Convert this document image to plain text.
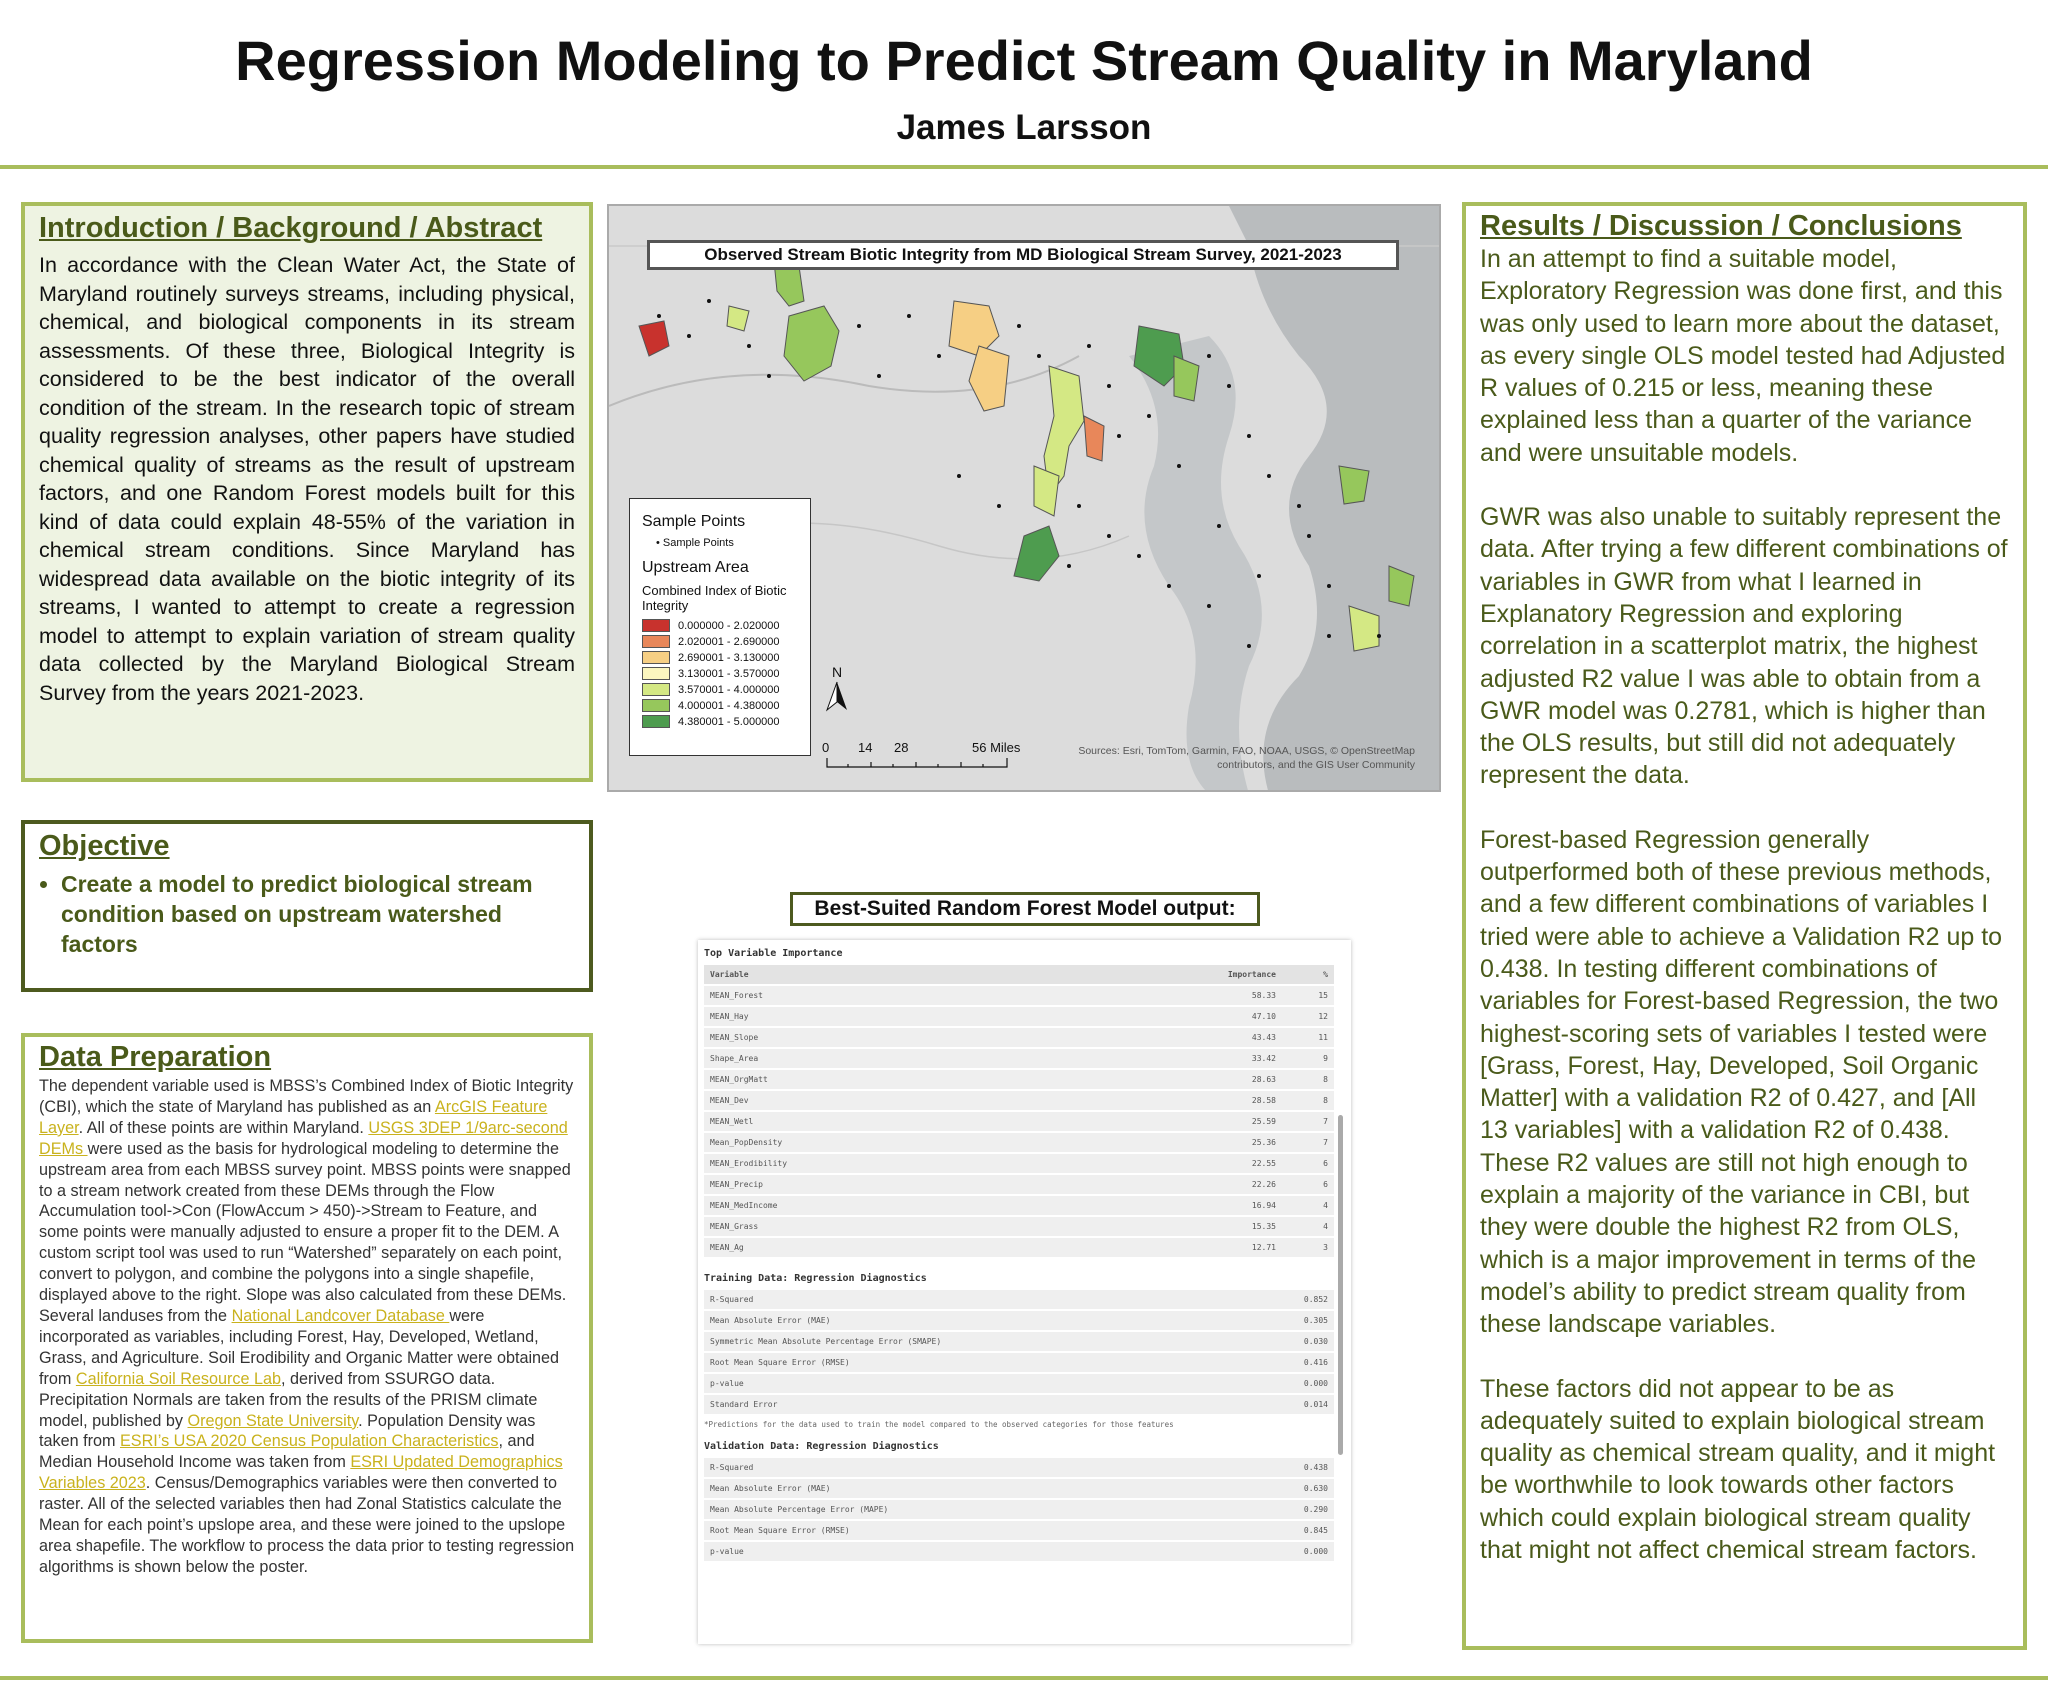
Regression Modeling to Predict Stream Quality in Maryland
James Larsson
Introduction / Background / Abstract

In accordance with the Clean Water Act, the State of Maryland routinely surveys streams, including physical, chemical, and biological components in its stream assessments. Of these three, Biological Integrity is considered to be the best indicator of the overall condition of the stream. In the research topic of stream quality regression analyses, other papers have studied chemical quality of streams as the result of upstream factors, and one Random Forest models built for this kind of data could explain 48-55% of the variation in chemical stream conditions. Since Maryland has widespread data available on the biotic integrity of its streams, I wanted to attempt to create a regression model to attempt to explain variation of stream quality data collected by the Maryland Biological Stream Survey from the years 2021-2023.

Objective
• Create a model to predict biological stream condition based on upstream watershed factors
Data Preparation
The dependent variable used is MBSS’s Combined Index of Biotic Integrity (CBI), which the state of Maryland has published as an ArcGIS Feature Layer. All of these points are within Maryland. USGS 3DEP 1/9arc-second DEMs were used as the basis for hydrological modeling to determine the upstream area from each MBSS survey point. MBSS points were snapped to a stream network created from these DEMs through the Flow Accumulation tool->Con (FlowAccum > 450)->Stream to Feature, and some points were manually adjusted to ensure a proper fit to the DEM. A custom script tool was used to run “Watershed” separately on each point, convert to polygon, and combine the polygons into a single shapefile, displayed above to the right. Slope was also calculated from these DEMs. Several landuses from the National Landcover Database were incorporated as variables, including Forest, Hay, Developed, Wetland, Grass, and Agriculture. Soil Erodibility and Organic Matter were obtained from California Soil Resource Lab, derived from SSURGO data. Precipitation Normals are taken from the results of the PRISM climate model, published by Oregon State University. Population Density was taken from ESRI’s USA 2020 Census Population Characteristics, and Median Household Income was taken from ESRI Updated Demographics Variables 2023. Census/Demographics variables were then converted to raster. All of the selected variables then had Zonal Statistics calculate the Mean for each point’s upslope area, and these were joined to the upslope area shapefile. The workflow to process the data prior to testing regression algorithms is shown below the poster.
Observed Stream Biotic Integrity from MD Biological Stream Survey, 2021-2023
Sample Points
• Sample Points
Upstream Area
Combined Index of Biotic Integrity
0.000000 - 2.020000
2.020001 - 2.690000
2.690001 - 3.130000
3.130001 - 3.570000
3.570001 - 4.000000
4.000001 - 4.380000
4.380001 - 5.000000
N
0 14 28	56 Miles	Sources: Esri, TomTom, Garmin, FAO, NOAA, USGS, © OpenStreetMap
contributors, and the GIS User Community
Best-Suited Random Forest Model output:
Top Variable Importance
Variable	Importance	%
MEAN_Forest	58.33	15
MEAN_Hay	47.10	12
MEAN_Slope	43.43	11
Shape_Area	33.42	9
MEAN_OrgMatt	28.63	8
MEAN_Dev	28.58	8
MEAN_Wetl	25.59	7
Mean_PopDensity	25.36	7
MEAN_Erodibility	22.55	6
MEAN_Precip	22.26	6
MEAN_MedIncome	16.94	4
MEAN_Grass	15.35	4
MEAN_Ag	12.71	3
Training Data: Regression Diagnostics
R-Squared	0.852
Mean Absolute Error (MAE)	0.305
Symmetric Mean Absolute Percentage Error (SMAPE)	0.030
Root Mean Square Error (RMSE)	0.416
p-value	0.000
Standard Error	0.014
*Predictions for the data used to train the model compared to the observed categories for those features
Validation Data: Regression Diagnostics
R-Squared	0.438
Mean Absolute Error (MAE)	0.630
Mean Absolute Percentage Error (MAPE)	0.290
Root Mean Square Error (RMSE)	0.845
p-value	0.000
Results / Discussion / Conclusions

In an attempt to find a suitable model, Exploratory Regression was done first, and this was only used to learn more about the dataset, as every single OLS model tested had Adjusted R values of 0.215 or less, meaning these explained less than a quarter of the variance and were unsuitable models.

GWR was also unable to suitably represent the data. After trying a few different combinations of variables in GWR from what I learned in Explanatory Regression and exploring correlation in a scatterplot matrix, the highest adjusted R2 value I was able to obtain from a GWR model was 0.2781, which is higher than the OLS results, but still did not adequately represent the data.

Forest-based Regression generally outperformed both of these previous methods, and a few different combinations of variables I tried were able to achieve a Validation R2 up to 0.438. In testing different combinations of variables for Forest-based Regression, the two highest-scoring sets of variables I tested were [Grass, Forest, Hay, Developed, Soil Organic Matter] with a validation R2 of 0.427, and [All 13 variables] with a validation R2 of 0.438. These R2 values are still not high enough to explain a majority of the variance in CBI, but they were double the highest R2 from OLS, which is a major improvement in terms of the model’s ability to predict stream quality from these landscape variables.

These factors did not appear to be as adequately suited to explain biological stream quality as chemical stream quality, and it might be worthwhile to look towards other factors which could explain biological stream quality that might not affect chemical stream factors.
